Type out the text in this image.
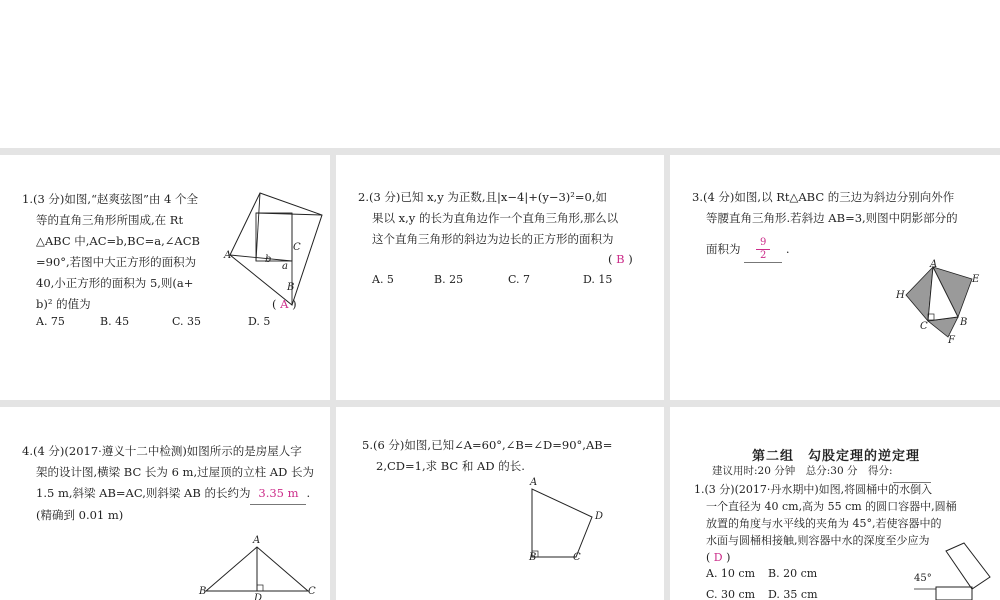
1.(3 分)如图,“赵爽弦图”由 4 个全
等的直角三角形所围成,在 Rt
△ABC 中,AC=b,BC=a,∠ACB
=90°,若图中大正方形的面积为
40,小正方形的面积为 5,则(a+
b)² 的值为	( A )
A. 75	B. 45	C. 35	D. 5
A	b
C
a
B
2.(3 分)已知 x,y 为正数,且|x−4|+(y−3)²=0,如
果以 x,y 的长为直角边作一个直角三角形,那么以
这个直角三角形的斜边为边长的正方形的面积为
( B )
A. 5	B. 25	C. 7	D. 15
3.(4 分)如图,以 Rt△ABC 的三边为斜边分别向外作
等腰直角三角形.若斜边 AB=3,则图中阴影部分的
面积为 $\frac{9}{2}$ .
A
E
H
C	B
F
4.(4 分)(2017·遵义十二中检测)如图所示的是房屋人字
架的设计图,横梁 BC 长为 6 m,过屋顶的立柱 AD 长为
1.5 m,斜梁 AB=AC,则斜梁 AB 的长约为 3.35 m .
(精确到 0.01 m)
A
B	C
D
5.(6 分)如图,已知∠A=60°,∠B=∠D=90°,AB=
2,CD=1,求 BC 和 AD 的长.
A
D
B	C
第二组　勾股定理的逆定理
建议用时:20 分钟　总分:30 分　得分:
1.(3 分)(2017·丹水期中)如图,将圆桶中的水倒入
一个直径为 40 cm,高为 55 cm 的圆口容器中,圆桶
放置的角度与水平线的夹角为 45°,若使容器中的
水面与圆桶相接触,则容器中水的深度至少应为
( D )
A. 10 cm B. 20 cm
C. 30 cm D. 35 cm
45°
